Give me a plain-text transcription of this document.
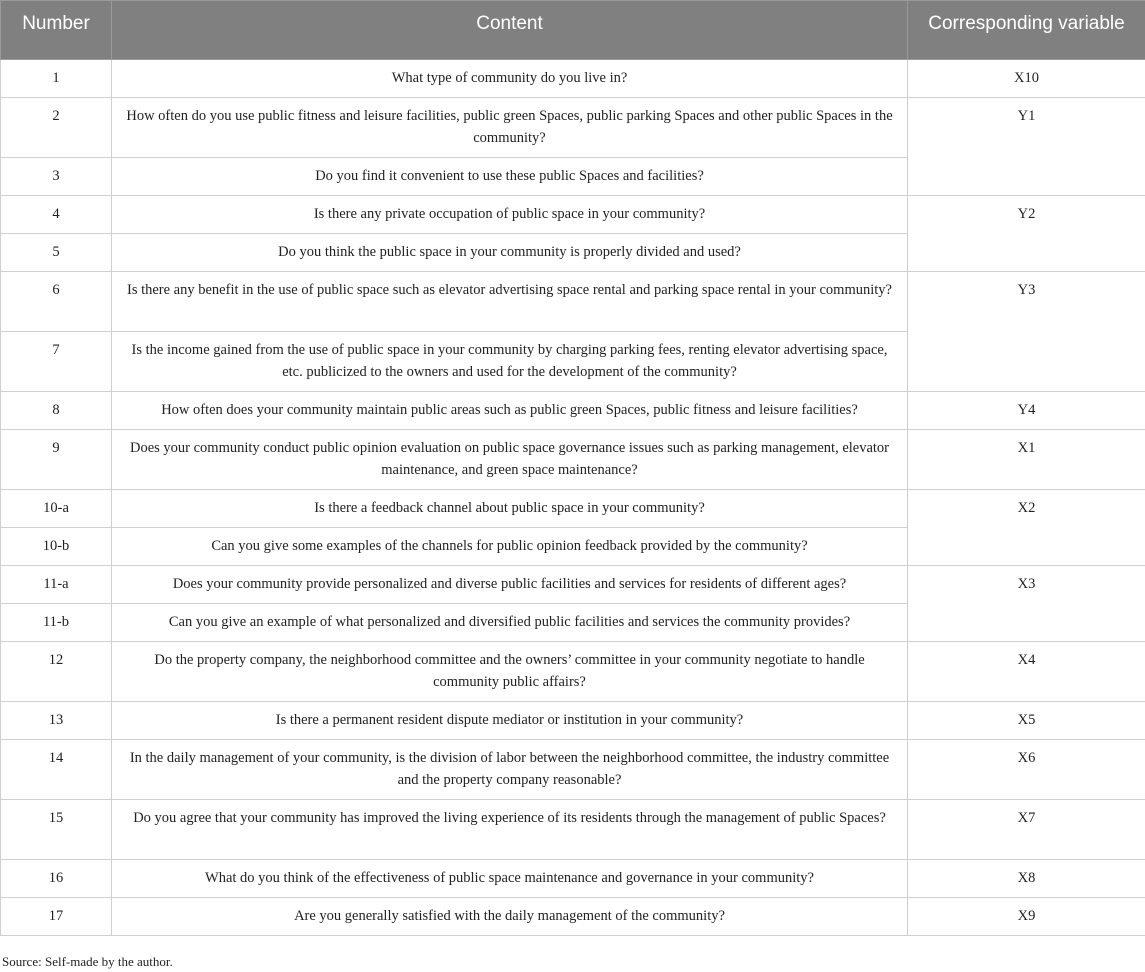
Number	Content	Corresponding variable
1	What type of community do you live in?	X10
2	How often do you use public fitness and leisure facilities, public green Spaces, public parking Spaces and other public Spaces in the community?	Y1
3	Do you find it convenient to use these public Spaces and facilities?	
4	Is there any private occupation of public space in your community?	Y2
5	Do you think the public space in your community is properly divided and used?	
6	Is there any benefit in the use of public space such as elevator advertising space rental and parking space rental in your community?	Y3
7	Is the income gained from the use of public space in your community by charging parking fees, renting elevator advertising space, etc. publicized to the owners and used for the development of the community?	
8	How often does your community maintain public areas such as public green Spaces, public fitness and leisure facilities?	Y4
9	Does your community conduct public opinion evaluation on public space governance issues such as parking management, elevator maintenance, and green space maintenance?	X1
10-a	Is there a feedback channel about public space in your community?	X2
10-b	Can you give some examples of the channels for public opinion feedback provided by the community?	
11-a	Does your community provide personalized and diverse public facilities and services for residents of different ages?	X3
11-b	Can you give an example of what personalized and diversified public facilities and services the community provides?	
12	Do the property company, the neighborhood committee and the owners’ committee in your community negotiate to handle community public affairs?	X4
13	Is there a permanent resident dispute mediator or institution in your community?	X5
14	In the daily management of your community, is the division of labor between the neighborhood committee, the industry committee and the property company reasonable?	X6
15	Do you agree that your community has improved the living experience of its residents through the management of public Spaces?	X7
16	What do you think of the effectiveness of public space maintenance and governance in your community?	X8
17	Are you generally satisfied with the daily management of the community?	X9
Source: Self-made by the author.
